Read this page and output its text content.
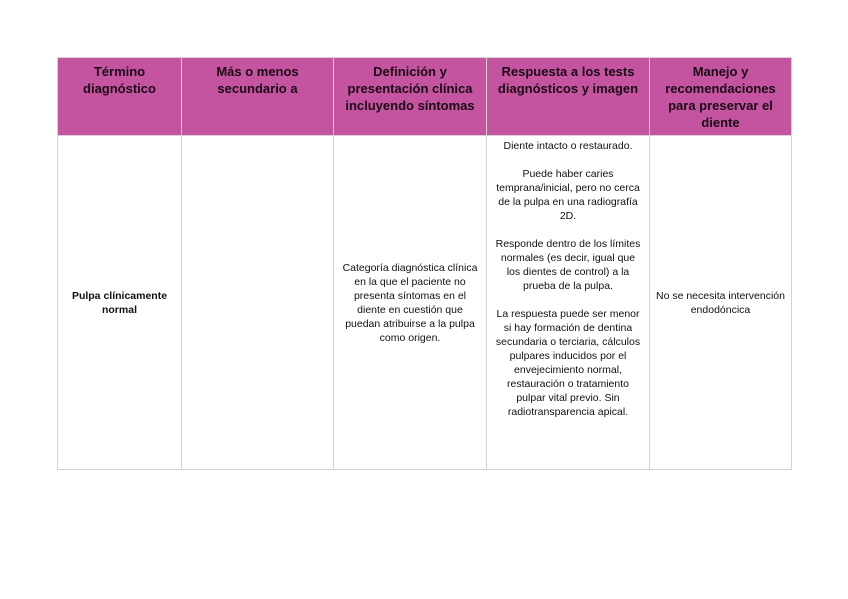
Término diagnóstico	Más o menos secundario a	Definición y presentación clínica incluyendo síntomas	Respuesta a los tests diagnósticos y imagen	Manejo y recomendaciones para preservar el diente
Pulpa clínicamente normal		Categoría diagnóstica clínica en la que el paciente no presenta síntomas en el diente en cuestión que puedan atribuirse a la pulpa como origen.	Diente intacto o restaurado.

Puede haber caries temprana/inicial, pero no cerca de la pulpa en una radiografía 2D.

Responde dentro de los límites normales (es decir, igual que los dientes de control) a la prueba de la pulpa.

La respuesta puede ser menor si hay formación de dentina secundaria o terciaria, cálculos pulpares inducidos por el envejecimiento normal, restauración o tratamiento pulpar vital previo. Sin radiotransparencia apical.	No se necesita intervención endodóncica
